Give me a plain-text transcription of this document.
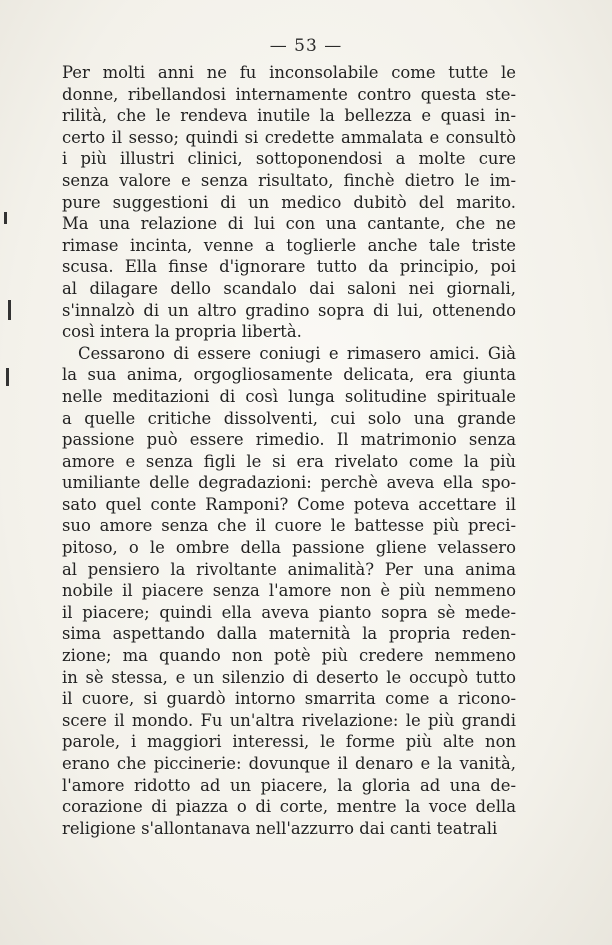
— 53 —
Per molti anni ne fu inconsolabile come tutte le
donne, ribellandosi internamente contro questa ste-
rilità, che le rendeva inutile la bellezza e quasi in-
certo il sesso; quindi si credette ammalata e consultò
i più illustri clinici, sottoponendosi a molte cure
senza valore e senza risultato, finchè dietro le im-
pure suggestioni di un medico dubitò del marito.
Ma una relazione di lui con una cantante, che ne
rimase incinta, venne a toglierle anche tale triste
scusa. Ella finse d'ignorare tutto da principio, poi
al dilagare dello scandalo dai saloni nei giornali,
s'innalzò di un altro gradino sopra di lui, ottenendo
così intera la propria libertà.
Cessarono di essere coniugi e rimasero amici. Già
la sua anima, orgogliosamente delicata, era giunta
nelle meditazioni di così lunga solitudine spirituale
a quelle critiche dissolventi, cui solo una grande
passione può essere rimedio. Il matrimonio senza
amore e senza figli le si era rivelato come la più
umiliante delle degradazioni: perchè aveva ella spo-
sato quel conte Ramponi? Come poteva accettare il
suo amore senza che il cuore le battesse più preci-
pitoso, o le ombre della passione gliene velassero
al pensiero la rivoltante animalità? Per una anima
nobile il piacere senza l'amore non è più nemmeno
il piacere; quindi ella aveva pianto sopra sè mede-
sima aspettando dalla maternità la propria reden-
zione; ma quando non potè più credere nemmeno
in sè stessa, e un silenzio di deserto le occupò tutto
il cuore, si guardò intorno smarrita come a ricono-
scere il mondo. Fu un'altra rivelazione: le più grandi
parole, i maggiori interessi, le forme più alte non
erano che piccinerie: dovunque il denaro e la vanità,
l'amore ridotto ad un piacere, la gloria ad una de-
corazione di piazza o di corte, mentre la voce della
religione s'allontanava nell'azzurro dai canti teatrali
